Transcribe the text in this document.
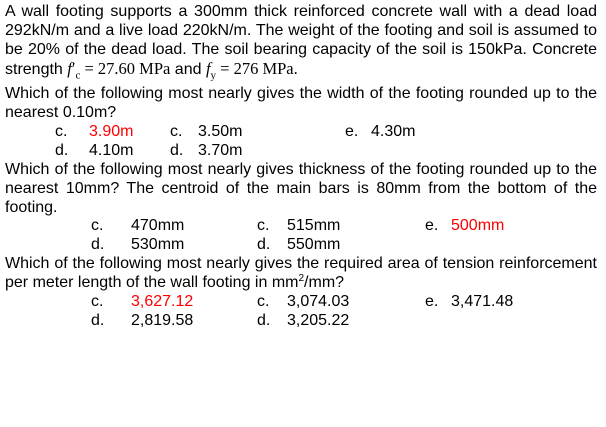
A wall footing supports a 300mm thick reinforced concrete wall with a dead load 292kN/m and a live load 220kN/m. The weight of the footing and soil is assumed to be 20% of the dead load. The soil bearing capacity of the soil is 150kPa. Concrete strength $f'_c = 27.60$ MPa and $f_y = 276$ MPa.

Which of the following most nearly gives the width of the footing rounded up to the nearest 0.10m?

c. 3.90m c. 3.50m	e. 4.30m
d. 4.10m d. 3.70m

Which of the following most nearly gives thickness of the footing rounded up to the nearest 10mm? The centroid of the main bars is 80mm from the bottom of the footing.

c. 470mm	c. 515mm	e. 500mm
d. 530mm	d. 550mm

Which of the following most nearly gives the required area of tension reinforcement per meter length of the wall footing in $mm^2/mm$?

c. 3,627.12	c. 3,074.03	e. 3,471.48
d. 2,819.58	d. 3,205.22
